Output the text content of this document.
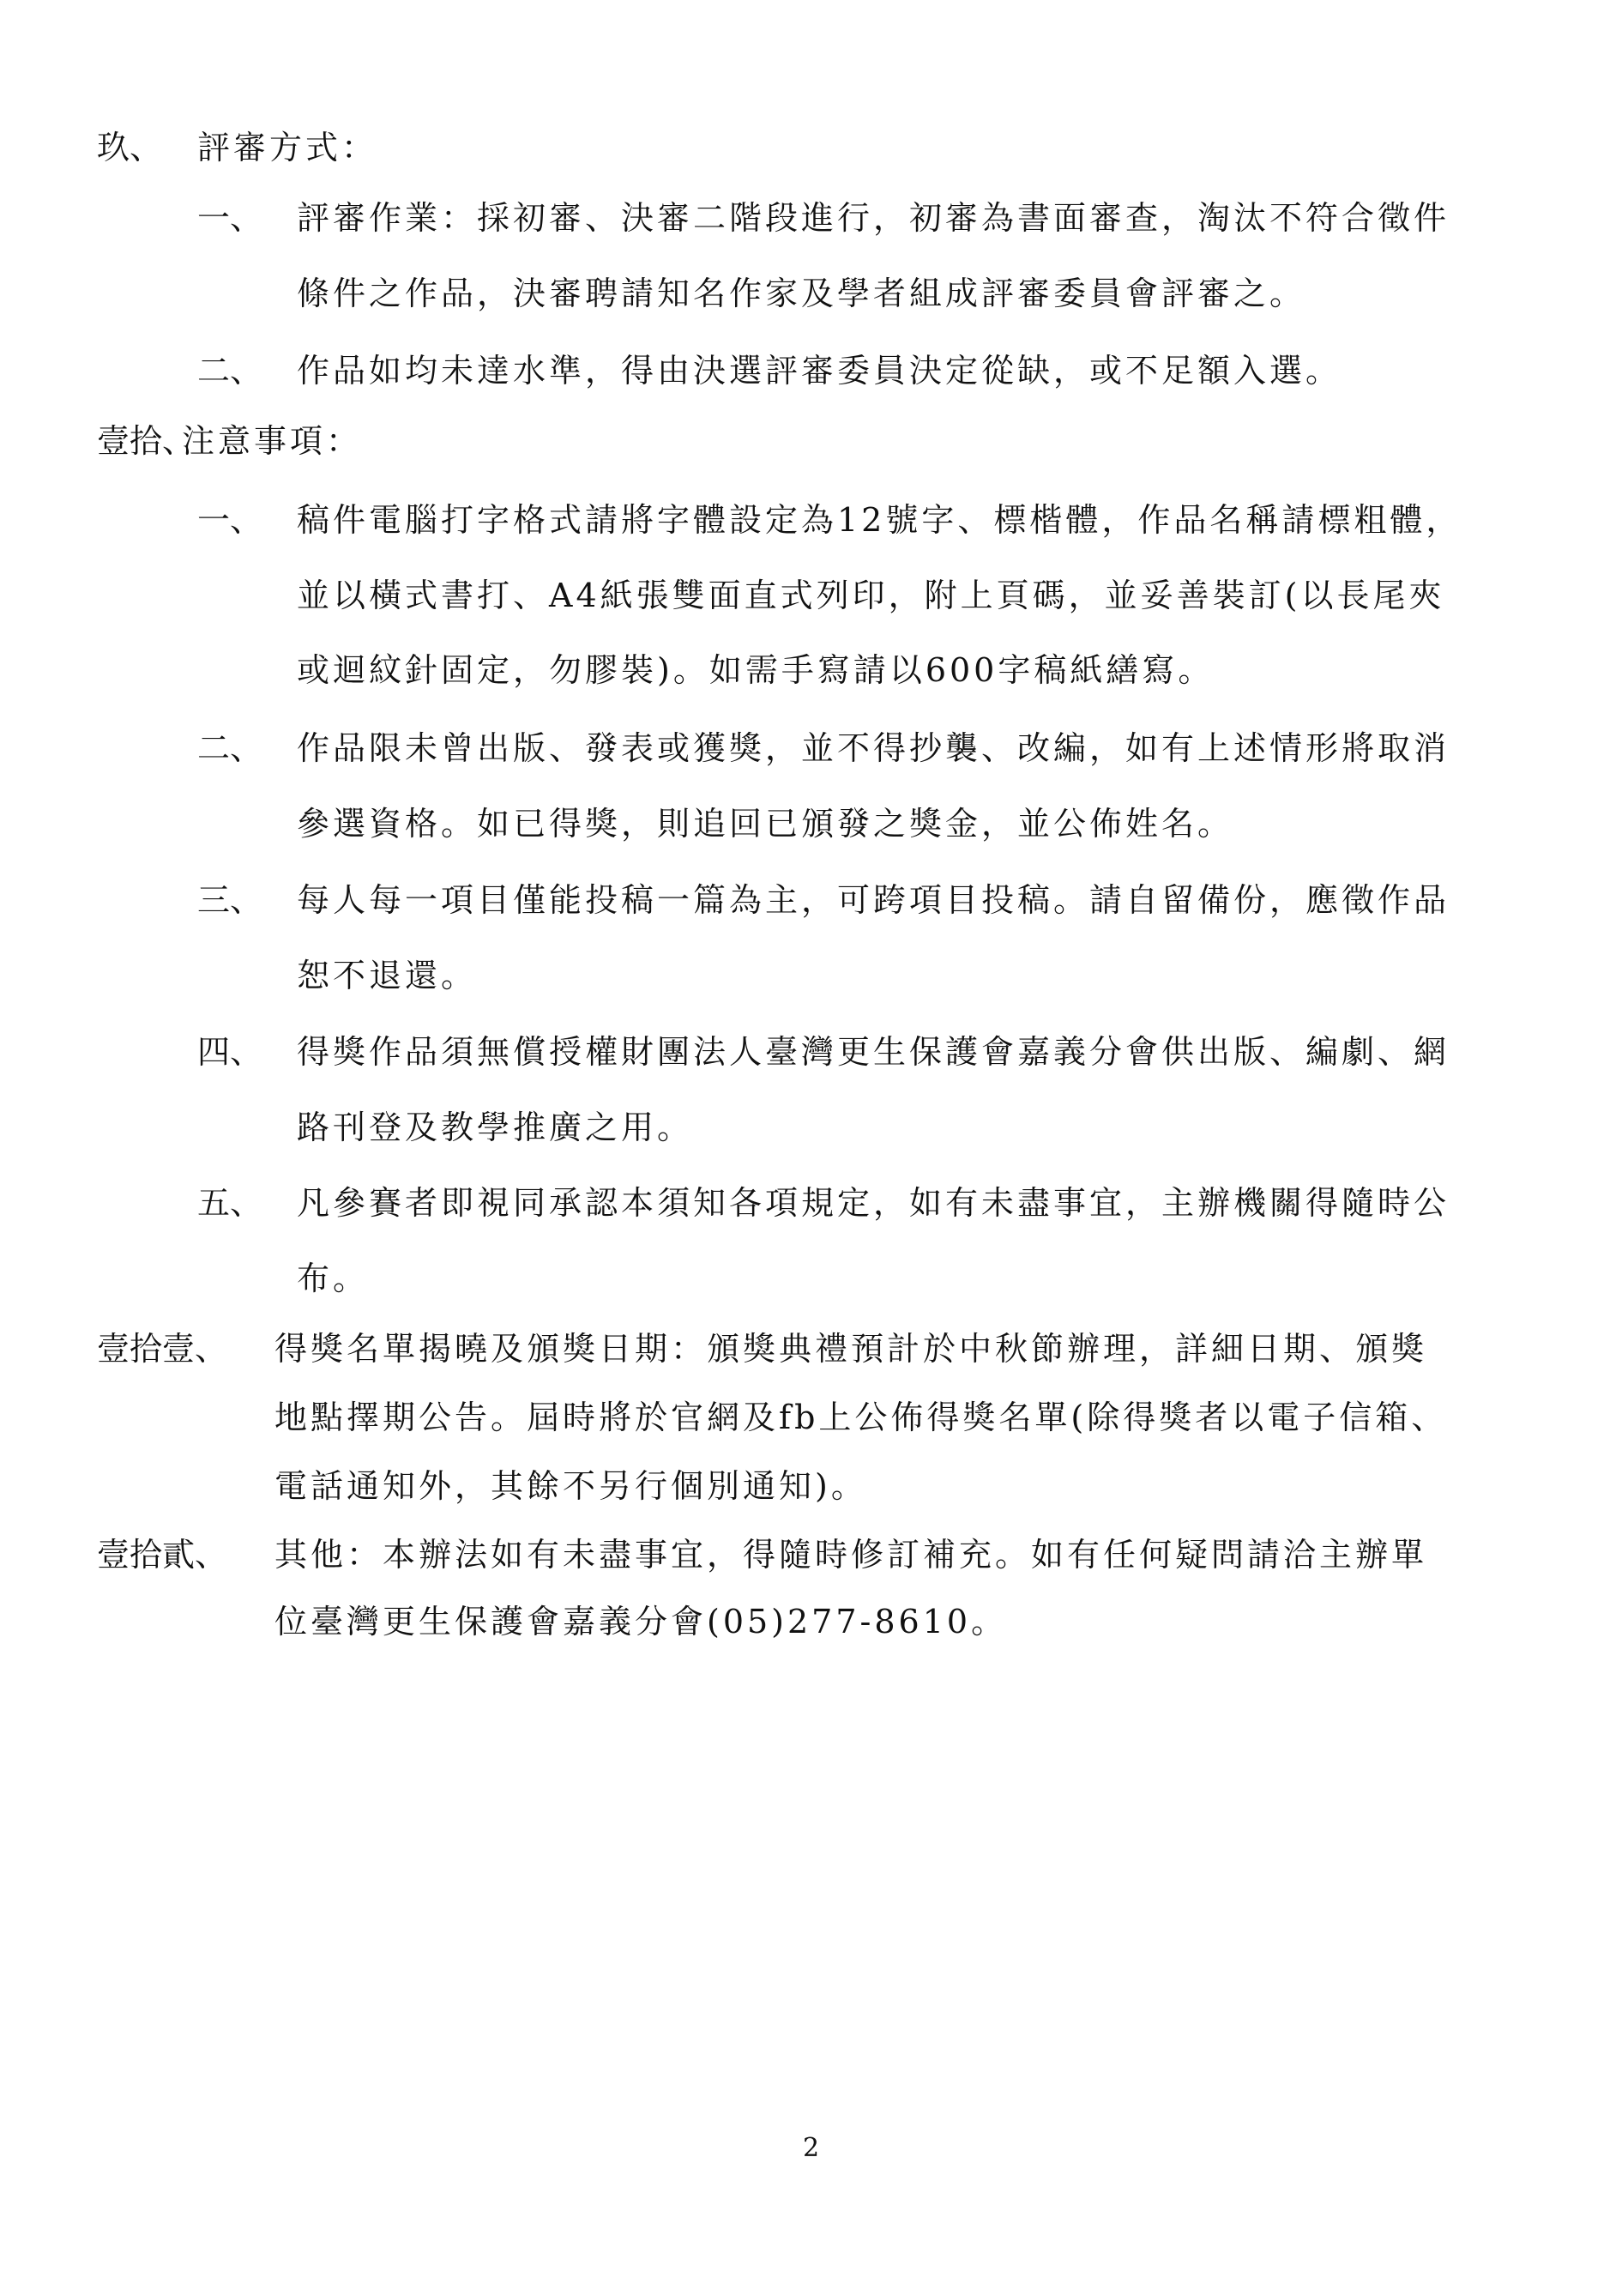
玖、 評審方式：
一、 評審作業：採初審、決審二階段進行，初審為書面審查，淘汰不符合徵件
條件之作品，決審聘請知名作家及學者組成評審委員會評審之。
二、 作品如均未達水準，得由決選評審委員決定從缺，或不足額入選。
壹拾、
注意事項：
一、 稿件電腦打字格式請將字體設定為12號字、標楷體，作品名稱請標粗體，
並以橫式書打、A4紙張雙面直式列印，附上頁碼，並妥善裝訂(以長尾夾
或迴紋針固定，勿膠裝)。如需手寫請以600字稿紙繕寫。
二、 作品限未曾出版、發表或獲獎，並不得抄襲、改編，如有上述情形將取消
參選資格。如已得獎，則追回已頒發之獎金，並公佈姓名。
三、 每人每一項目僅能投稿一篇為主，可跨項目投稿。請自留備份，應徵作品
恕不退還。
四、 得獎作品須無償授權財團法人臺灣更生保護會嘉義分會供出版、編劇、網
路刊登及教學推廣之用。
五、 凡參賽者即視同承認本須知各項規定，如有未盡事宜，主辦機關得隨時公
布。
壹拾壹、 得獎名單揭曉及頒獎日期：頒獎典禮預計於中秋節辦理，詳細日期、頒獎
地點擇期公告。屆時將於官網及fb上公佈得獎名單(除得獎者以電子信箱、
電話通知外，其餘不另行個別通知)。
壹拾貳、 其他：本辦法如有未盡事宜，得隨時修訂補充。如有任何疑問請洽主辦單
位臺灣更生保護會嘉義分會(05)277-8610。
2
